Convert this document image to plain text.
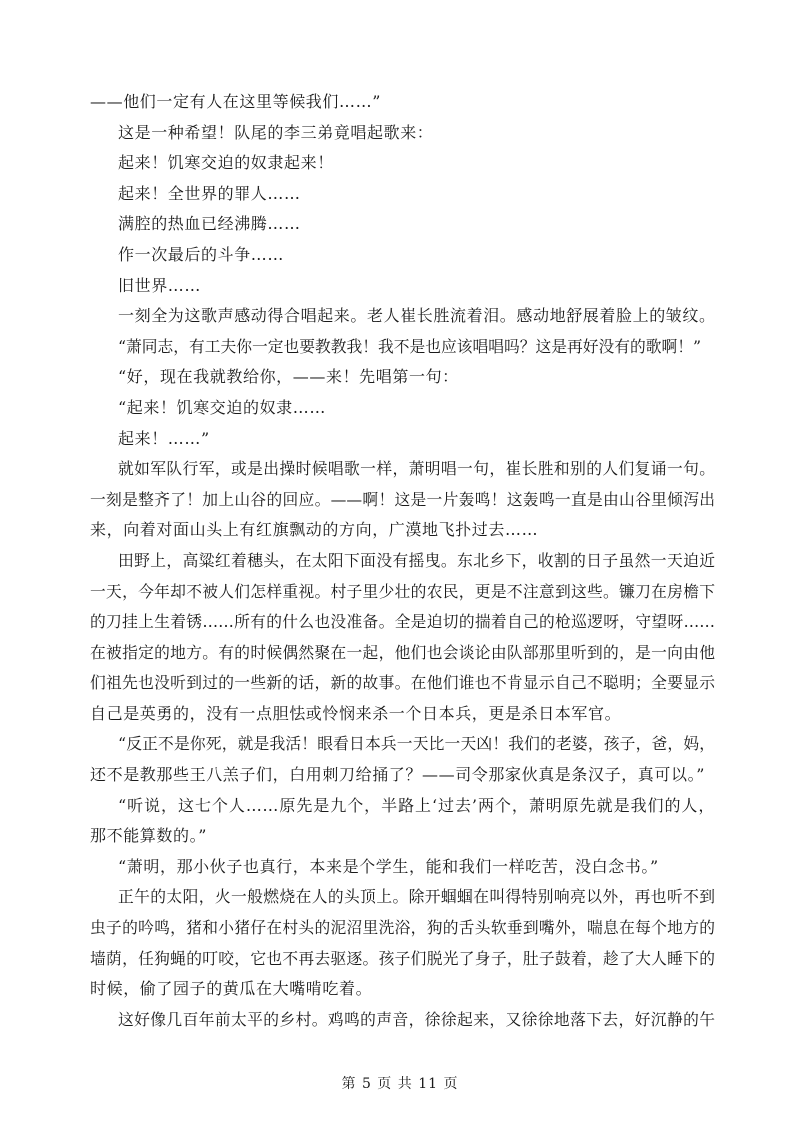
——他们一定有人在这里等候我们……”
这是一种希望！队尾的李三弟竟唱起歌来：
起来！饥寒交迫的奴隶起来！
起来！全世界的罪人……
满腔的热血已经沸腾……
作一次最后的斗争……
旧世界……
一刻全为这歌声感动得合唱起来。老人崔长胜流着泪。感动地舒展着脸上的皱纹。
“萧同志，有工夫你一定也要教教我！我不是也应该唱唱吗？这是再好没有的歌啊！”
“好，现在我就教给你，——来！先唱第一句：
“起来！饥寒交迫的奴隶……
起来！……”
就如军队行军，或是出操时候唱歌一样，萧明唱一句，崔长胜和别的人们复诵一句。
一刻是整齐了！加上山谷的回应。——啊！这是一片轰鸣！这轰鸣一直是由山谷里倾泻出
来，向着对面山头上有红旗飘动的方向，广漠地飞扑过去……
田野上，高粱红着穗头，在太阳下面没有摇曳。东北乡下，收割的日子虽然一天迫近
一天，今年却不被人们怎样重视。村子里少壮的农民，更是不注意到这些。镰刀在房檐下
的刀挂上生着锈……所有的什么也没准备。全是迫切的揣着自己的枪巡逻呀，守望呀……
在被指定的地方。有的时候偶然聚在一起，他们也会谈论由队部那里听到的，是一向由他
们祖先也没听到过的一些新的话，新的故事。在他们谁也不肯显示自己不聪明；全要显示
自己是英勇的，没有一点胆怯或怜悯来杀一个日本兵，更是杀日本军官。
“反正不是你死，就是我活！眼看日本兵一天比一天凶！我们的老婆，孩子，爸，妈，
还不是教那些王八羔子们，白用刺刀给捅了？——司令那家伙真是条汉子，真可以。”
“听说，这七个人……原先是九个，半路上‘过去’两个，萧明原先就是我们的人，
那不能算数的。”
“萧明，那小伙子也真行，本来是个学生，能和我们一样吃苦，没白念书。”
正午的太阳，火一般燃烧在人的头顶上。除开蝈蝈在叫得特别响亮以外，再也听不到
虫子的吟鸣，猪和小猪仔在村头的泥沼里洗浴，狗的舌头软垂到嘴外，喘息在每个地方的
墙荫，任狗蝇的叮咬，它也不再去驱逐。孩子们脱光了身子，肚子鼓着，趁了大人睡下的
时候，偷了园子的黄瓜在大嘴啃吃着。
这好像几百年前太平的乡村。鸡鸣的声音，徐徐起来，又徐徐地落下去，好沉静的午
第 5 页 共 11 页
